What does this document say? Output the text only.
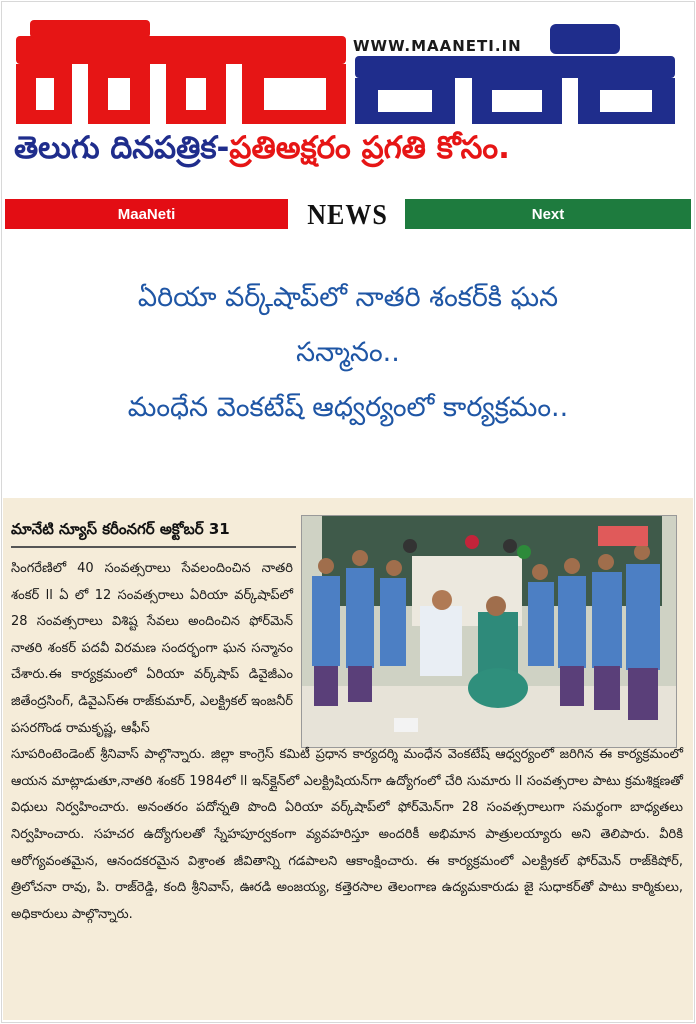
WWW.MAANETI.IN
తెలుగు దినపత్రిక-ప్రతిఅక్షరం ప్రగతి కోసం.
MaaNeti	NEWS	Next
ఏరియా వర్క్‌షాప్‌లో నాతరి శంకర్‌కి ఘన
సన్మానం..
మంధేన వెంకటేష్ ఆధ్వర్యంలో కార్యక్రమం..
మానేటి న్యూస్ కరీంనగర్ అక్టోబర్ 31
సింగరేణిలో 40 సంవత్సరాలు సేవలందించిన నాతరి శంకర్ ll ఏ లో 12 సంవత్సరాలు ఏరియా వర్క్‌షాప్‌లో 28 సంవత్సరాలు విశిష్ట సేవలు అందించిన ఫోర్‌మెన్ నాతరి శంకర్ పదవీ విరమణ సందర్భంగా ఘన సన్మానం చేశారు.ఈ కార్యక్రమంలో ఏరియా వర్క్‌షాప్ డివైజీఎం జితేంద్రసింగ్, డివైఎస్ఈ రాజ్‌కుమార్, ఎలక్ట్రికల్ ఇంజనీర్ పసరగొండ రామకృష్ణ, ఆఫీస్
సూపరింటెండెంట్ శ్రీనివాస్ పాల్గొన్నారు. జిల్లా కాంగ్రెస్ కమిటీ ప్రధాన కార్యదర్శి మంధేన వెంకటేష్ ఆధ్వర్యంలో జరిగిన ఈ కార్యక్రమంలో ఆయన మాట్లాడుతూ,నాతరి శంకర్ 1984లో ll ఇన్‌క్లైన్‌లో ఎలక్ట్రిషియన్‌గా ఉద్యోగంలో చేరి సుమారు ll సంవత్సరాల పాటు క్రమశిక్షణతో విధులు నిర్వహించారు. అనంతరం పదోన్నతి పొంది ఏరియా వర్క్‌షాప్‌లో ఫోర్‌మెన్‌గా 28 సంవత్సరాలుగా సమర్థంగా బాధ్యతలు నిర్వహించారు. సహచర ఉద్యోగులతో స్నేహపూర్వకంగా వ్యవహరిస్తూ అందరికీ అభిమాన పాత్రులయ్యారు అని తెలిపారు. వీరికి ఆరోగ్యవంతమైన, ఆనందకరమైన విశ్రాంత జీవితాన్ని గడపాలని ఆకాంక్షించారు. ఈ కార్యక్రమంలో ఎలక్ట్రికల్ ఫోర్‌మెన్ రాజ్‌కిషోర్, త్రిలోచనా రావు, పి. రాజ్‌రెడ్డి, కంది శ్రీనివాస్, ఊరడి అంజయ్య, కత్తెరసాల తెలంగాణ ఉద్యమకారుడు జై సుధాకర్‌తో పాటు కార్మికులు, అధికారులు పాల్గొన్నారు.
